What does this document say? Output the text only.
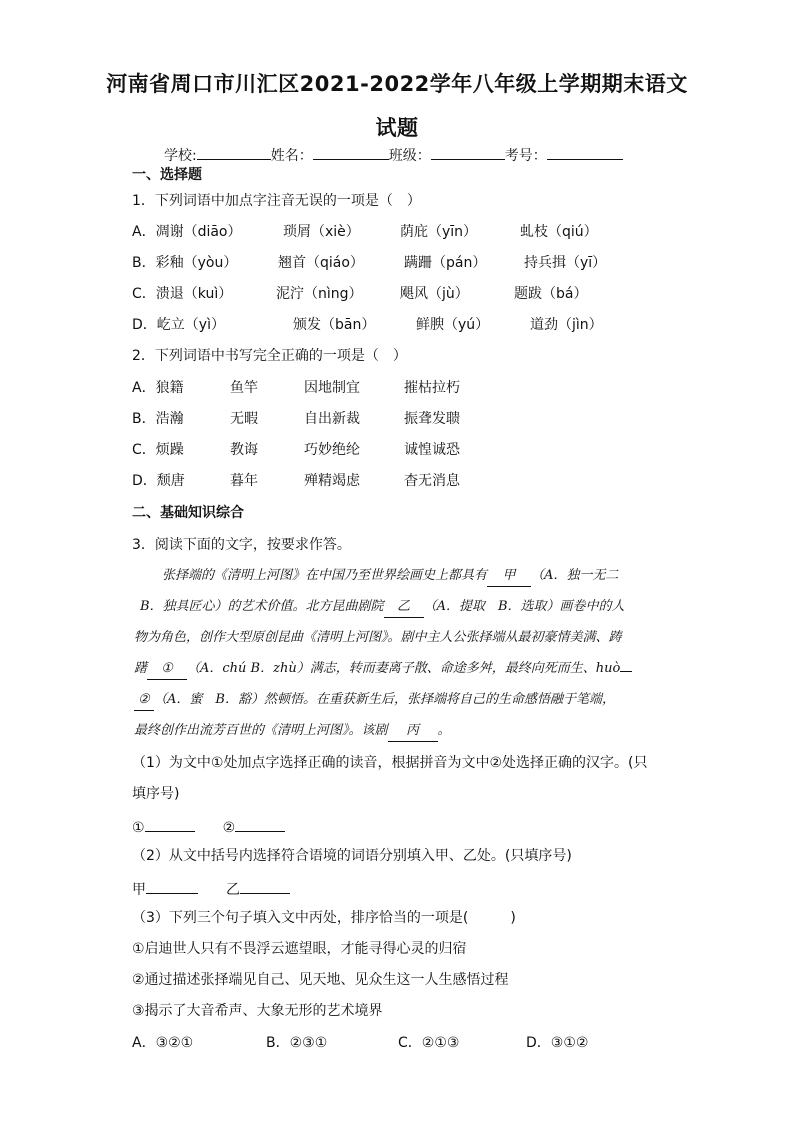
河南省周口市川汇区2021-2022学年八年级上学期期末语文
试题
学校:	姓名：	班级：	考号：
一、选择题
1．下列词语中加点字注音无误的一项是（　）
A．凋谢（diāo）	琐屑（xiè）	荫庇（yīn）	虬枝（qiú）
B．彩釉（yòu）	翘首（qiáo）	蹒跚（pán）	持兵揖（yī）
C．溃退（kuì）	泥泞（nìng）	飓风（jù）	题跋（bá）
D．屹立（yì）	颁发（bān）	鲜腴（yú）	道劲（jìn）
2．下列词语中书写完全正确的一项是（　）
A．狼籍	鱼竿	因地制宜	摧枯拉朽
B．浩瀚	无暇	自出新裁	振聋发聩
C．烦躁	教诲	巧妙绝纶	诚惶诚恐
D．颓唐	暮年	殚精竭虑	杳无消息
二、基础知识综合
3．阅读下面的文字，按要求作答。
张择端的《清明上河图》在中国乃至世界绘画史上都具有 甲 （A．独一无二
B．独具匠心）的艺术价值。北方昆曲剧院 乙 （A．提取　B．选取）画卷中的人
物为角色，创作大型原创昆曲《清明上河图》。剧中主人公张择端从最初豪情美满、踌
躇 ① （A．chú B．zhù）满志，转而妻离子散、命途多舛，最终向死而生、huò
② （A．蜜　B．豁）然顿悟。在重获新生后，张择端将自己的生命感悟融于笔端，
最终创作出流芳百世的《清明上河图》。该剧 丙 。
（1）为文中①处加点字选择正确的读音，根据拼音为文中②处选择正确的汉字。(只
填序号)
①	②
（2）从文中括号内选择符合语境的词语分别填入甲、乙处。(只填序号)
甲	乙
（3）下列三个句子填入文中丙处，排序恰当的一项是(　　　)
①启迪世人只有不畏浮云遮望眼，才能寻得心灵的归宿
②通过描述张择端见自己、见天地、见众生这一人生感悟过程
③揭示了大音希声、大象无形的艺术境界
A．③②①	B．②③①	C．②①③	D．③①②
